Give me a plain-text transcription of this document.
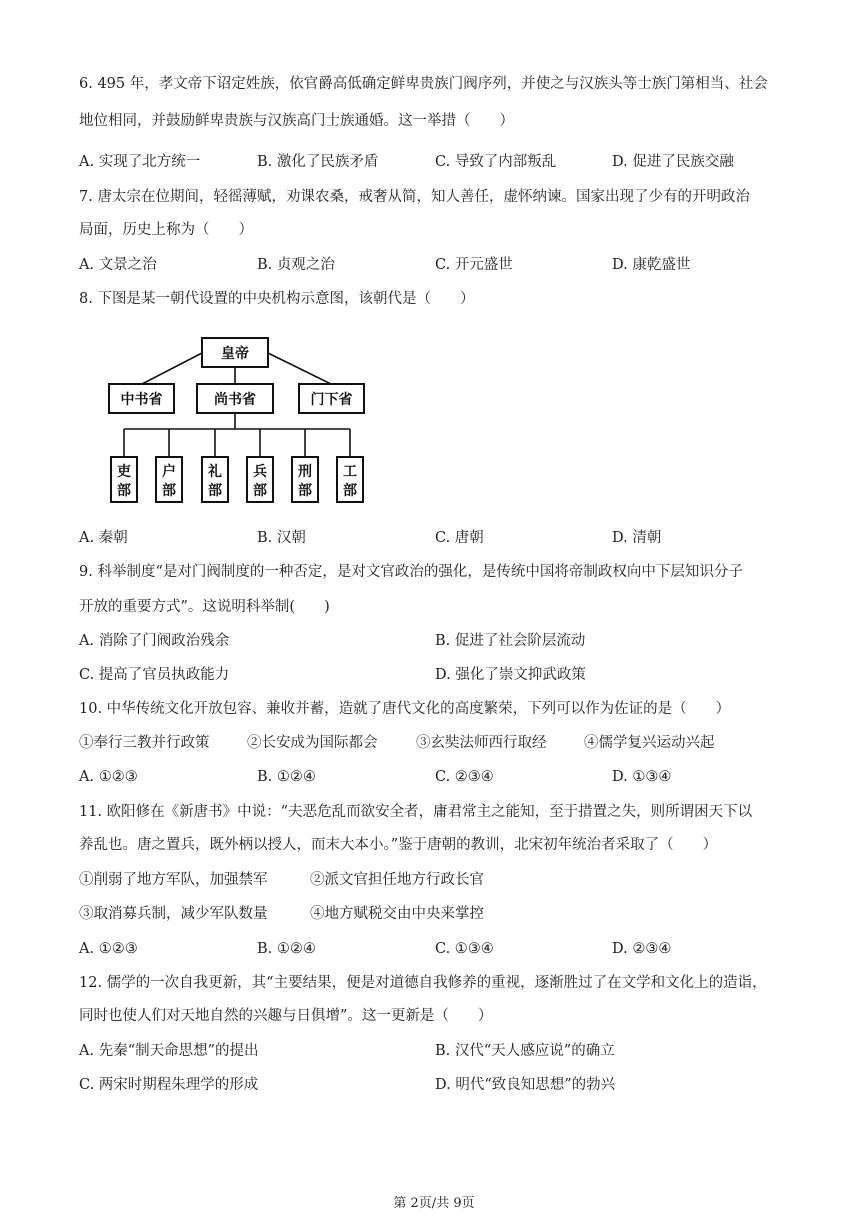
6. 495 年，孝文帝下诏定姓族，依官爵高低确定鲜卑贵族门阀序列，并使之与汉族头等士族门第相当、社会
地位相同，并鼓励鲜卑贵族与汉族高门士族通婚。这一举措（　　）
A. 实现了北方统一	B. 激化了民族矛盾	C. 导致了内部叛乱	D. 促进了民族交融
7. 唐太宗在位期间，轻徭薄赋，劝课农桑，戒奢从简，知人善任，虚怀纳谏。国家出现了少有的开明政治
局面，历史上称为（　　）
A. 文景之治	B. 贞观之治	C. 开元盛世	D. 康乾盛世
8. 下图是某一朝代设置的中央机构示意图，该朝代是（　　）
皇帝
中书省	尚书省	门下省
吏
部
户
部
礼
部
兵
部
刑
部
工
部
A. 秦朝	B. 汉朝	C. 唐朝	D. 清朝
9. 科举制度“是对门阀制度的一种否定，是对文官政治的强化，是传统中国将帝制政权向中下层知识分子
开放的重要方式”。这说明科举制(　　)
A. 消除了门阀政治残余	B. 促进了社会阶层流动
C. 提高了官员执政能力	D. 强化了崇文抑武政策
10. 中华传统文化开放包容、兼收并蓄，造就了唐代文化的高度繁荣，下列可以作为佐证的是（　　）
①奉行三教并行政策	②长安成为国际都会	③玄奘法师西行取经	④儒学复兴运动兴起
A. ①②③	B. ①②④	C. ②③④	D. ①③④
11. 欧阳修在《新唐书》中说：“夫恶危乱而欲安全者，庸君常主之能知，至于措置之失，则所谓困天下以
养乱也。唐之置兵，既外柄以授人，而末大本小。”鉴于唐朝的教训，北宋初年统治者采取了（　　）
①削弱了地方军队，加强禁军	②派文官担任地方行政长官
③取消募兵制，减少军队数量	④地方赋税交由中央来掌控
A. ①②③	B. ①②④	C. ①③④	D. ②③④
12. 儒学的一次自我更新，其“主要结果，便是对道德自我修养的重视，逐渐胜过了在文学和文化上的造诣，
同时也使人们对天地自然的兴趣与日俱增”。这一更新是（　　）
A. 先秦“制天命思想”的提出	B. 汉代“天人感应说”的确立
C. 两宋时期程朱理学的形成	D. 明代“致良知思想”的勃兴
第 2页/共 9页
